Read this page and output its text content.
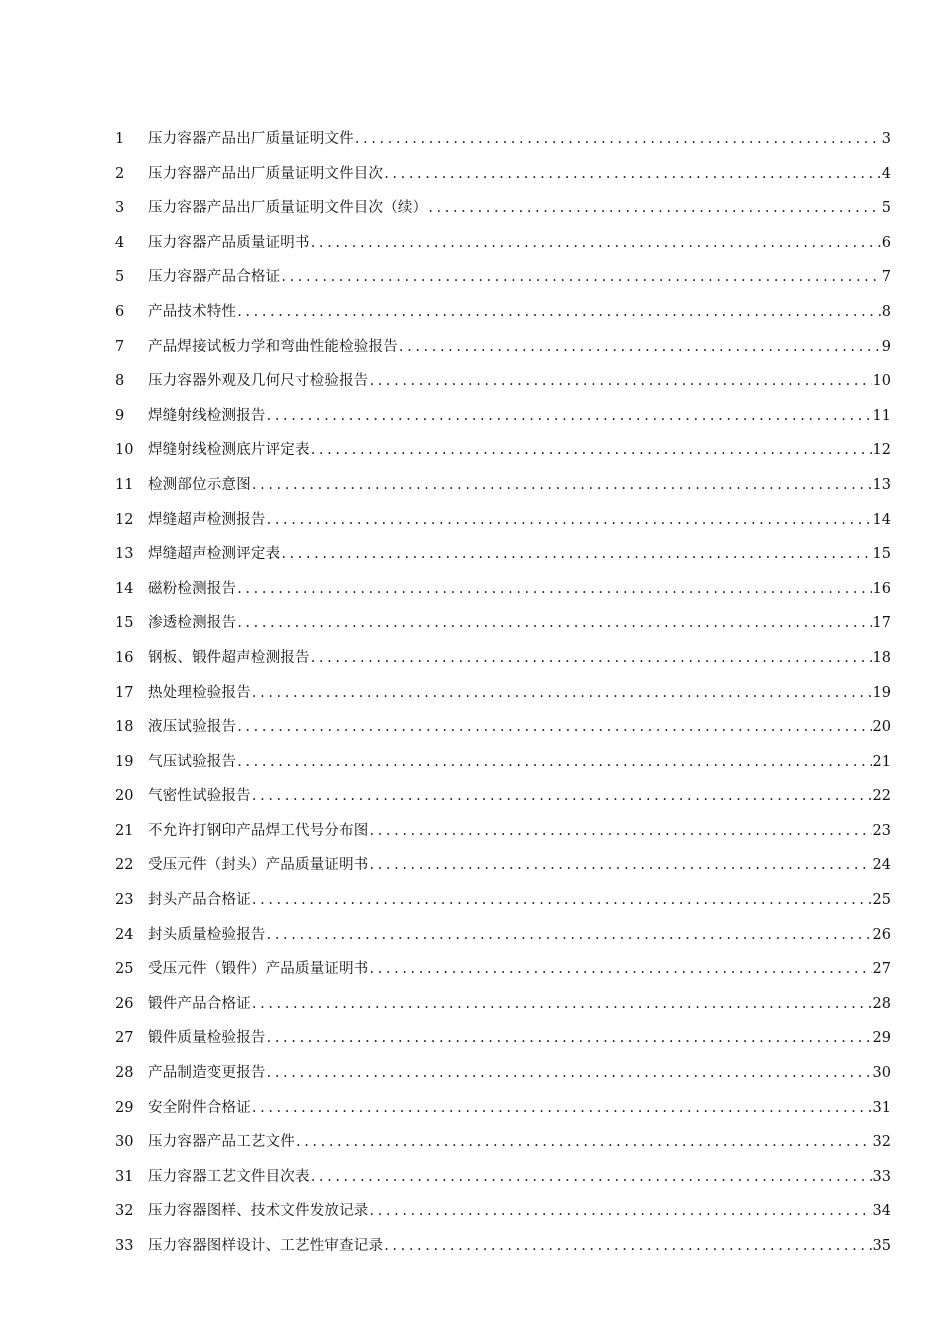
1	压力容器产品出厂质量证明文件 .....	3
2	压力容器产品出厂质量证明文件目次 .....	4
3	压力容器产品出厂质量证明文件目次（续） .....	5
4	压力容器产品质量证明书 .....	6
5	压力容器产品合格证 .....	7
6	产品技术特性 .....	8
7	产品焊接试板力学和弯曲性能检验报告 .....	9
8	压力容器外观及几何尺寸检验报告 .....	10
9	焊缝射线检测报告 .....	11
10	焊缝射线检测底片评定表 .....	12
11	检测部位示意图 .....	13
12	焊缝超声检测报告 .....	14
13	焊缝超声检测评定表 .....	15
14	磁粉检测报告 .....	16
15	渗透检测报告 .....	17
16	钢板、锻件超声检测报告 .....	18
17	热处理检验报告 .....	19
18	液压试验报告 .....	20
19	气压试验报告 .....	21
20	气密性试验报告 .....	22
21	不允许打钢印产品焊工代号分布图 .....	23
22	受压元件（封头）产品质量证明书 .....	24
23	封头产品合格证 .....	25
24	封头质量检验报告 .....	26
25	受压元件（锻件）产品质量证明书 .....	27
26	锻件产品合格证 .....	28
27	锻件质量检验报告 .....	29
28	产品制造变更报告 .....	30
29	安全附件合格证 .....	31
30	压力容器产品工艺文件 .....	32
31	压力容器工艺文件目次表 .....	33
32	压力容器图样、技术文件发放记录 .....	34
33	压力容器图样设计、工艺性审查记录 .....	35
